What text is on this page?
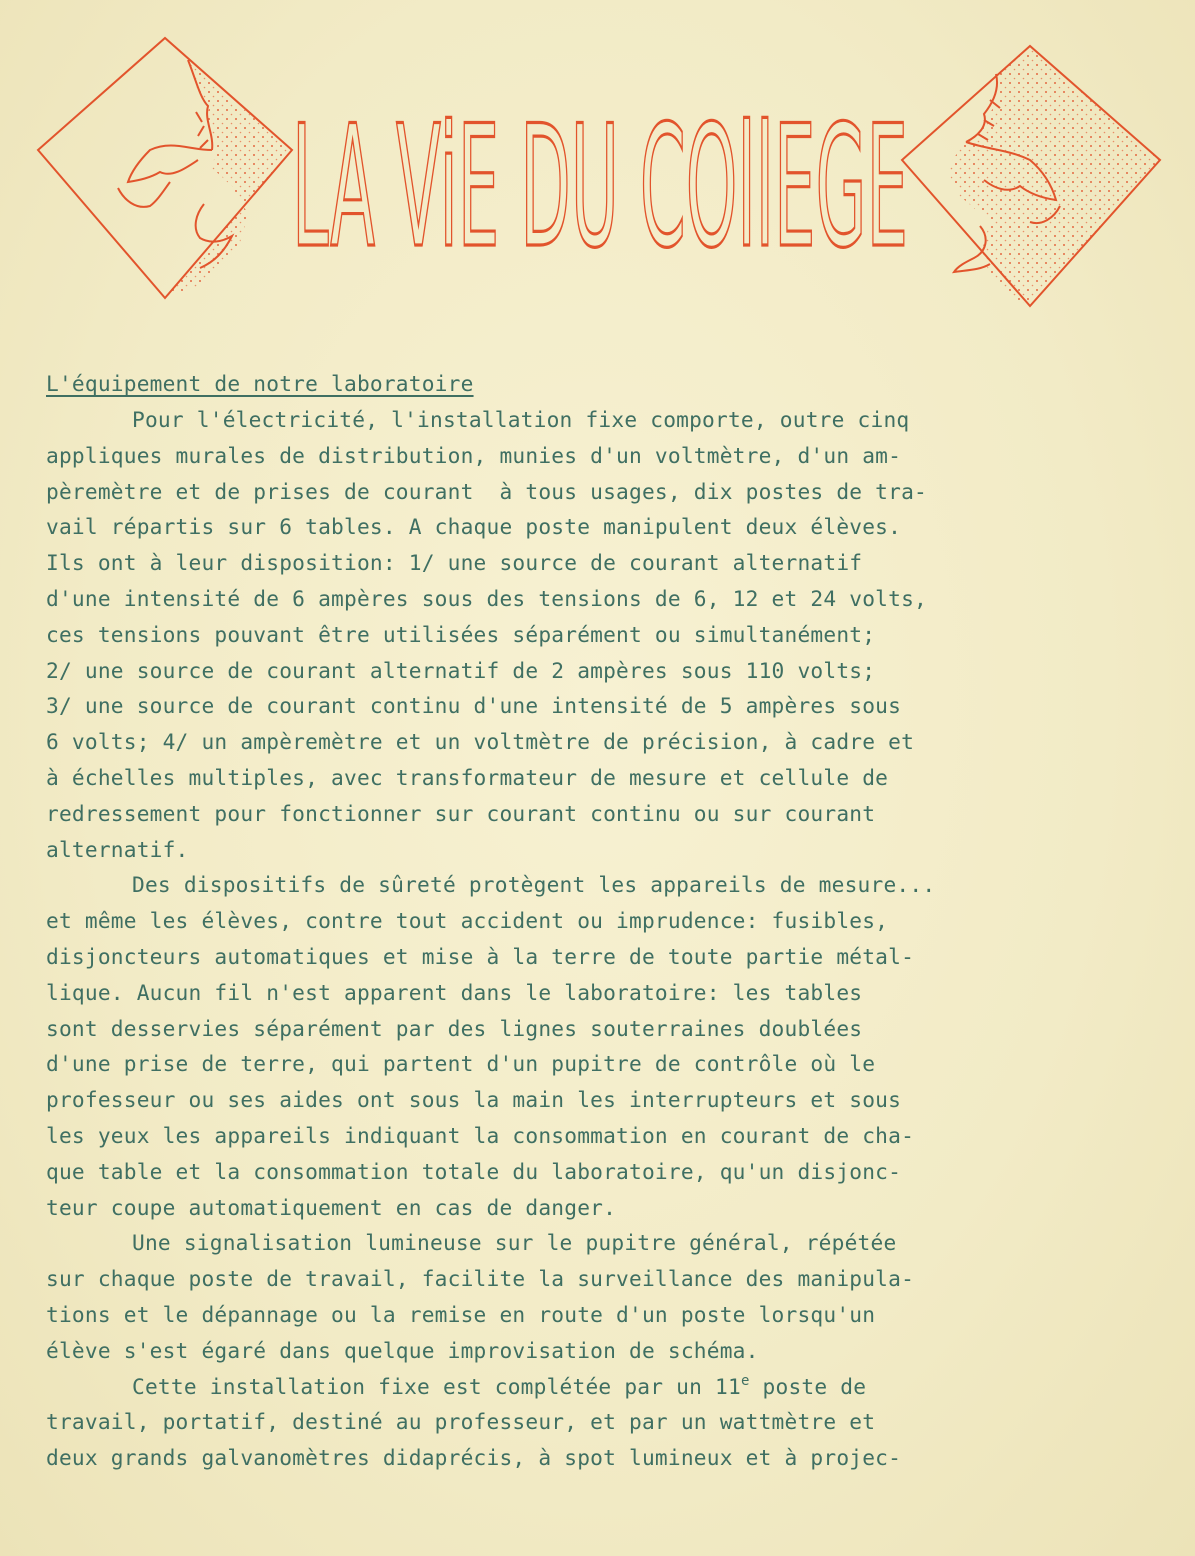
LA ViE DU COllEGE
L'équipement de notre laboratoire
Pour l'électricité, l'installation fixe comporte, outre cinq
appliques murales de distribution, munies d'un voltmètre, d'un am-
pèremètre et de prises de courant  à tous usages, dix postes de tra-
vail répartis sur 6 tables. A chaque poste manipulent deux élèves.
Ils ont à leur disposition: 1/ une source de courant alternatif
d'une intensité de 6 ampères sous des tensions de 6, 12 et 24 volts,
ces tensions pouvant être utilisées séparément ou simultanément;
2/ une source de courant alternatif de 2 ampères sous 110 volts;
3/ une source de courant continu d'une intensité de 5 ampères sous
6 volts; 4/ un ampèremètre et un voltmètre de précision, à cadre et
à échelles multiples, avec transformateur de mesure et cellule de
redressement pour fonctionner sur courant continu ou sur courant
alternatif.
Des dispositifs de sûreté protègent les appareils de mesure...
et même les élèves, contre tout accident ou imprudence: fusibles,
disjoncteurs automatiques et mise à la terre de toute partie métal-
lique. Aucun fil n'est apparent dans le laboratoire: les tables
sont desservies séparément par des lignes souterraines doublées
d'une prise de terre, qui partent d'un pupitre de contrôle où le
professeur ou ses aides ont sous la main les interrupteurs et sous
les yeux les appareils indiquant la consommation en courant de cha-
que table et la consommation totale du laboratoire, qu'un disjonc-
teur coupe automatiquement en cas de danger.
Une signalisation lumineuse sur le pupitre général, répétée
sur chaque poste de travail, facilite la surveillance des manipula-
tions et le dépannage ou la remise en route d'un poste lorsqu'un
élève s'est égaré dans quelque improvisation de schéma.
Cette installation fixe est complétée par un 11e poste de
travail, portatif, destiné au professeur, et par un wattmètre et
deux grands galvanomètres didaprécis, à spot lumineux et à projec-
